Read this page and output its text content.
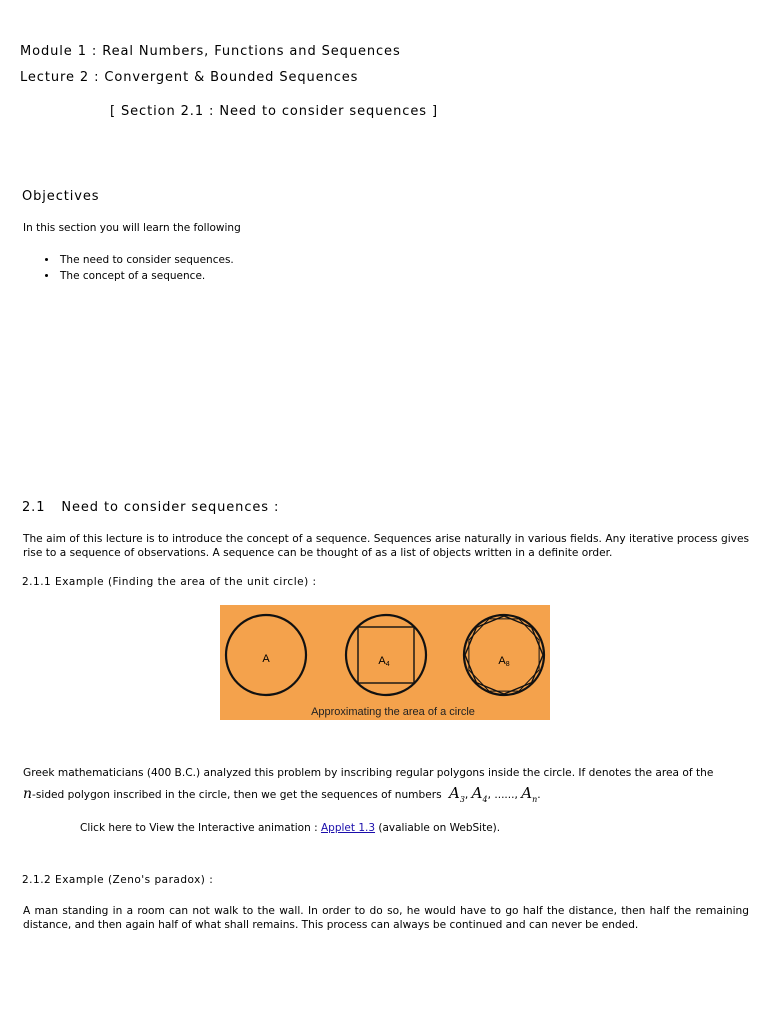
Module 1 : Real Numbers, Functions and Sequences
Lecture 2 : Convergent & Bounded Sequences
[ Section 2.1 : Need to consider sequences ]
Objectives
In this section you will learn the following
• The need to consider sequences.
• The concept of a sequence.
2.1 Need to consider sequences :
The aim of this lecture is to introduce the concept of a sequence. Sequences arise naturally in various fields. Any iterative process gives rise to a sequence of observations. A sequence can be thought of as a list of objects written in a definite order.
2.1.1 Example (Finding the area of the unit circle) :
A	A4	A8
Approximating the area of a circle
Greek mathematicians (400 B.C.) analyzed this problem by inscribing regular polygons inside the circle. If denotes the area of the
n-sided polygon inscribed in the circle, then we get the sequences of numbers $A_3$, $A_4$, ......, $A_n$.
Click here to View the Interactive animation : Applet 1.3 (avaliable on WebSite).
2.1.2 Example (Zeno's paradox) :
A man standing in a room can not walk to the wall. In order to do so, he would have to go half the distance, then half the remaining distance, and then again half of what shall remains. This process can always be continued and can never be ended.
